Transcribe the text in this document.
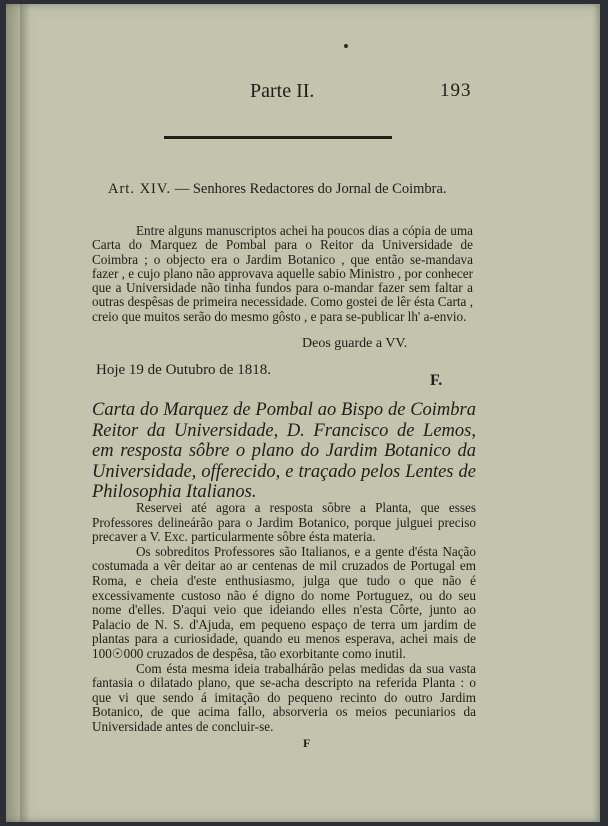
Parte II.	193
Art. XIV. — Senhores Redactores do Jornal de Coimbra.
Entre alguns manuscriptos achei ha poucos dias a cópia de uma Carta do Marquez de Pombal para o Reitor da Universidade de Coimbra ; o objecto era o Jardim Botanico , que então se-mandava fazer , e cujo plano não approvava aquelle sabio Ministro , por conhecer que a Universidade não tinha fundos para o-mandar fazer sem faltar a outras despêsas de primeira necessidade. Como gostei de lêr ésta Carta , creio que muitos serão do mesmo gôsto , e para se-publicar lh' a-envio.
Deos guarde a VV.
Hoje 19 de Outubro de 1818.
F.
Carta do Marquez de Pombal ao Bispo de Coimbra Reitor da Universidade, D. Francisco de Lemos, em resposta sôbre o plano do Jardim Botanico da Universidade, offerecido, e traçado pelos Lentes de Philosophia Italianos.

Reservei até agora a resposta sôbre a Planta, que esses Professores delineárão para o Jardim Botanico, porque julguei preciso precaver a V. Exc. particularmente sôbre ésta materia.

Os sobreditos Professores são Italianos, e a gente d'ésta Nação costumada a vêr deitar ao ar centenas de mil cruzados de Portugal em Roma, e cheia d'este enthusiasmo, julga que tudo o que não é excessivamente custoso não é digno do nome Portuguez, ou do seu nome d'elles. D'aqui veio que ideiando elles n'esta Côrte, junto ao Palacio de N. S. d'Ajuda, em pequeno espaço de terra um jardim de plantas para a curiosidade, quando eu menos esperava, achei mais de 100☉000 cruzados de despêsa, tão exorbitante como inutil.

Com ésta mesma ideia trabalhárão pelas medidas da sua vasta fantasia o dilatado plano, que se-acha descripto na referida Planta : o que vi que sendo á imitação do pequeno recinto do outro Jardim Botanico, de que acima fallo, absorveria os meios pecuniarios da Universidade antes de concluir-se.

F
